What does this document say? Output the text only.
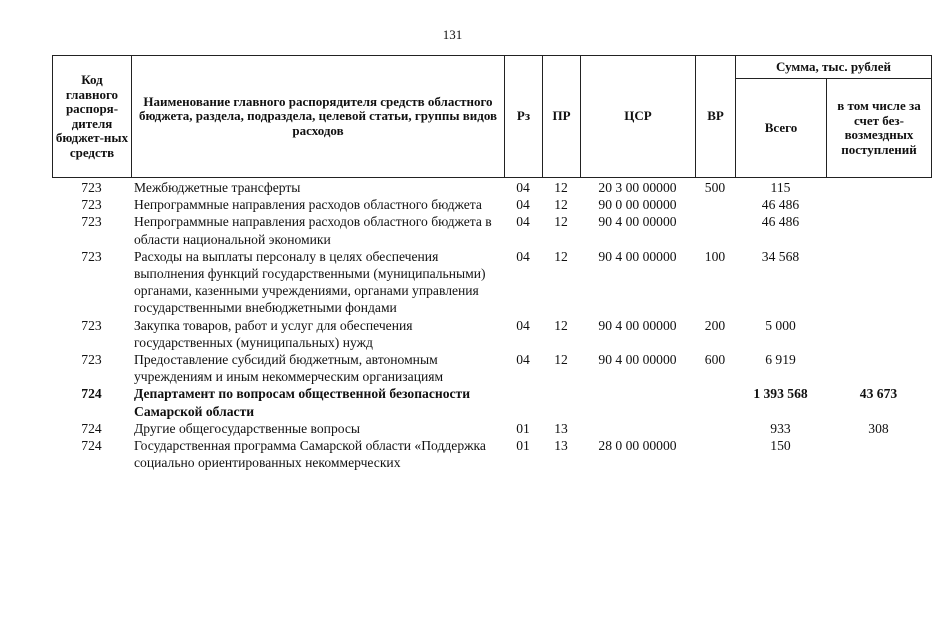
131
Код главного распоря-дителя бюджет-ных средств	Наименование главного распорядителя средств областного бюджета, раздела, подраздела, целевой статьи, группы видов расходов	Рз	ПР	ЦСР	ВР	Сумма, тыс. рублей	
						Всего	в том числе за счет без-возмездных поступлений
723	Межбюджетные трансферты	04	12	20 3 00 00000	500	115	
723	Непрограммные направления расходов областного бюджета	04	12	90 0 00 00000		46 486	
723	Непрограммные направления расходов областного бюджета в области национальной экономики	04	12	90 4 00 00000		46 486	
723	Расходы на выплаты персоналу в целях обеспечения выполнения функций государственными (муниципальными) органами, казенными учреждениями, органами управления государственными внебюджетными фондами	04	12	90 4 00 00000	100	34 568	
723	Закупка товаров, работ и услуг для обеспечения государственных (муниципальных) нужд	04	12	90 4 00 00000	200	5 000	
723	Предоставление субсидий бюджетным, автономным учреждениям и иным некоммерческим организациям	04	12	90 4 00 00000	600	6 919	
724	Департамент по вопросам общественной безопасности Самарской области					1 393 568	43 673
724	Другие общегосударственные вопросы	01	13			933	308
724	Государственная программа Самарской области «Поддержка социально ориентированных некоммерческих	01	13	28 0 00 00000		150	
